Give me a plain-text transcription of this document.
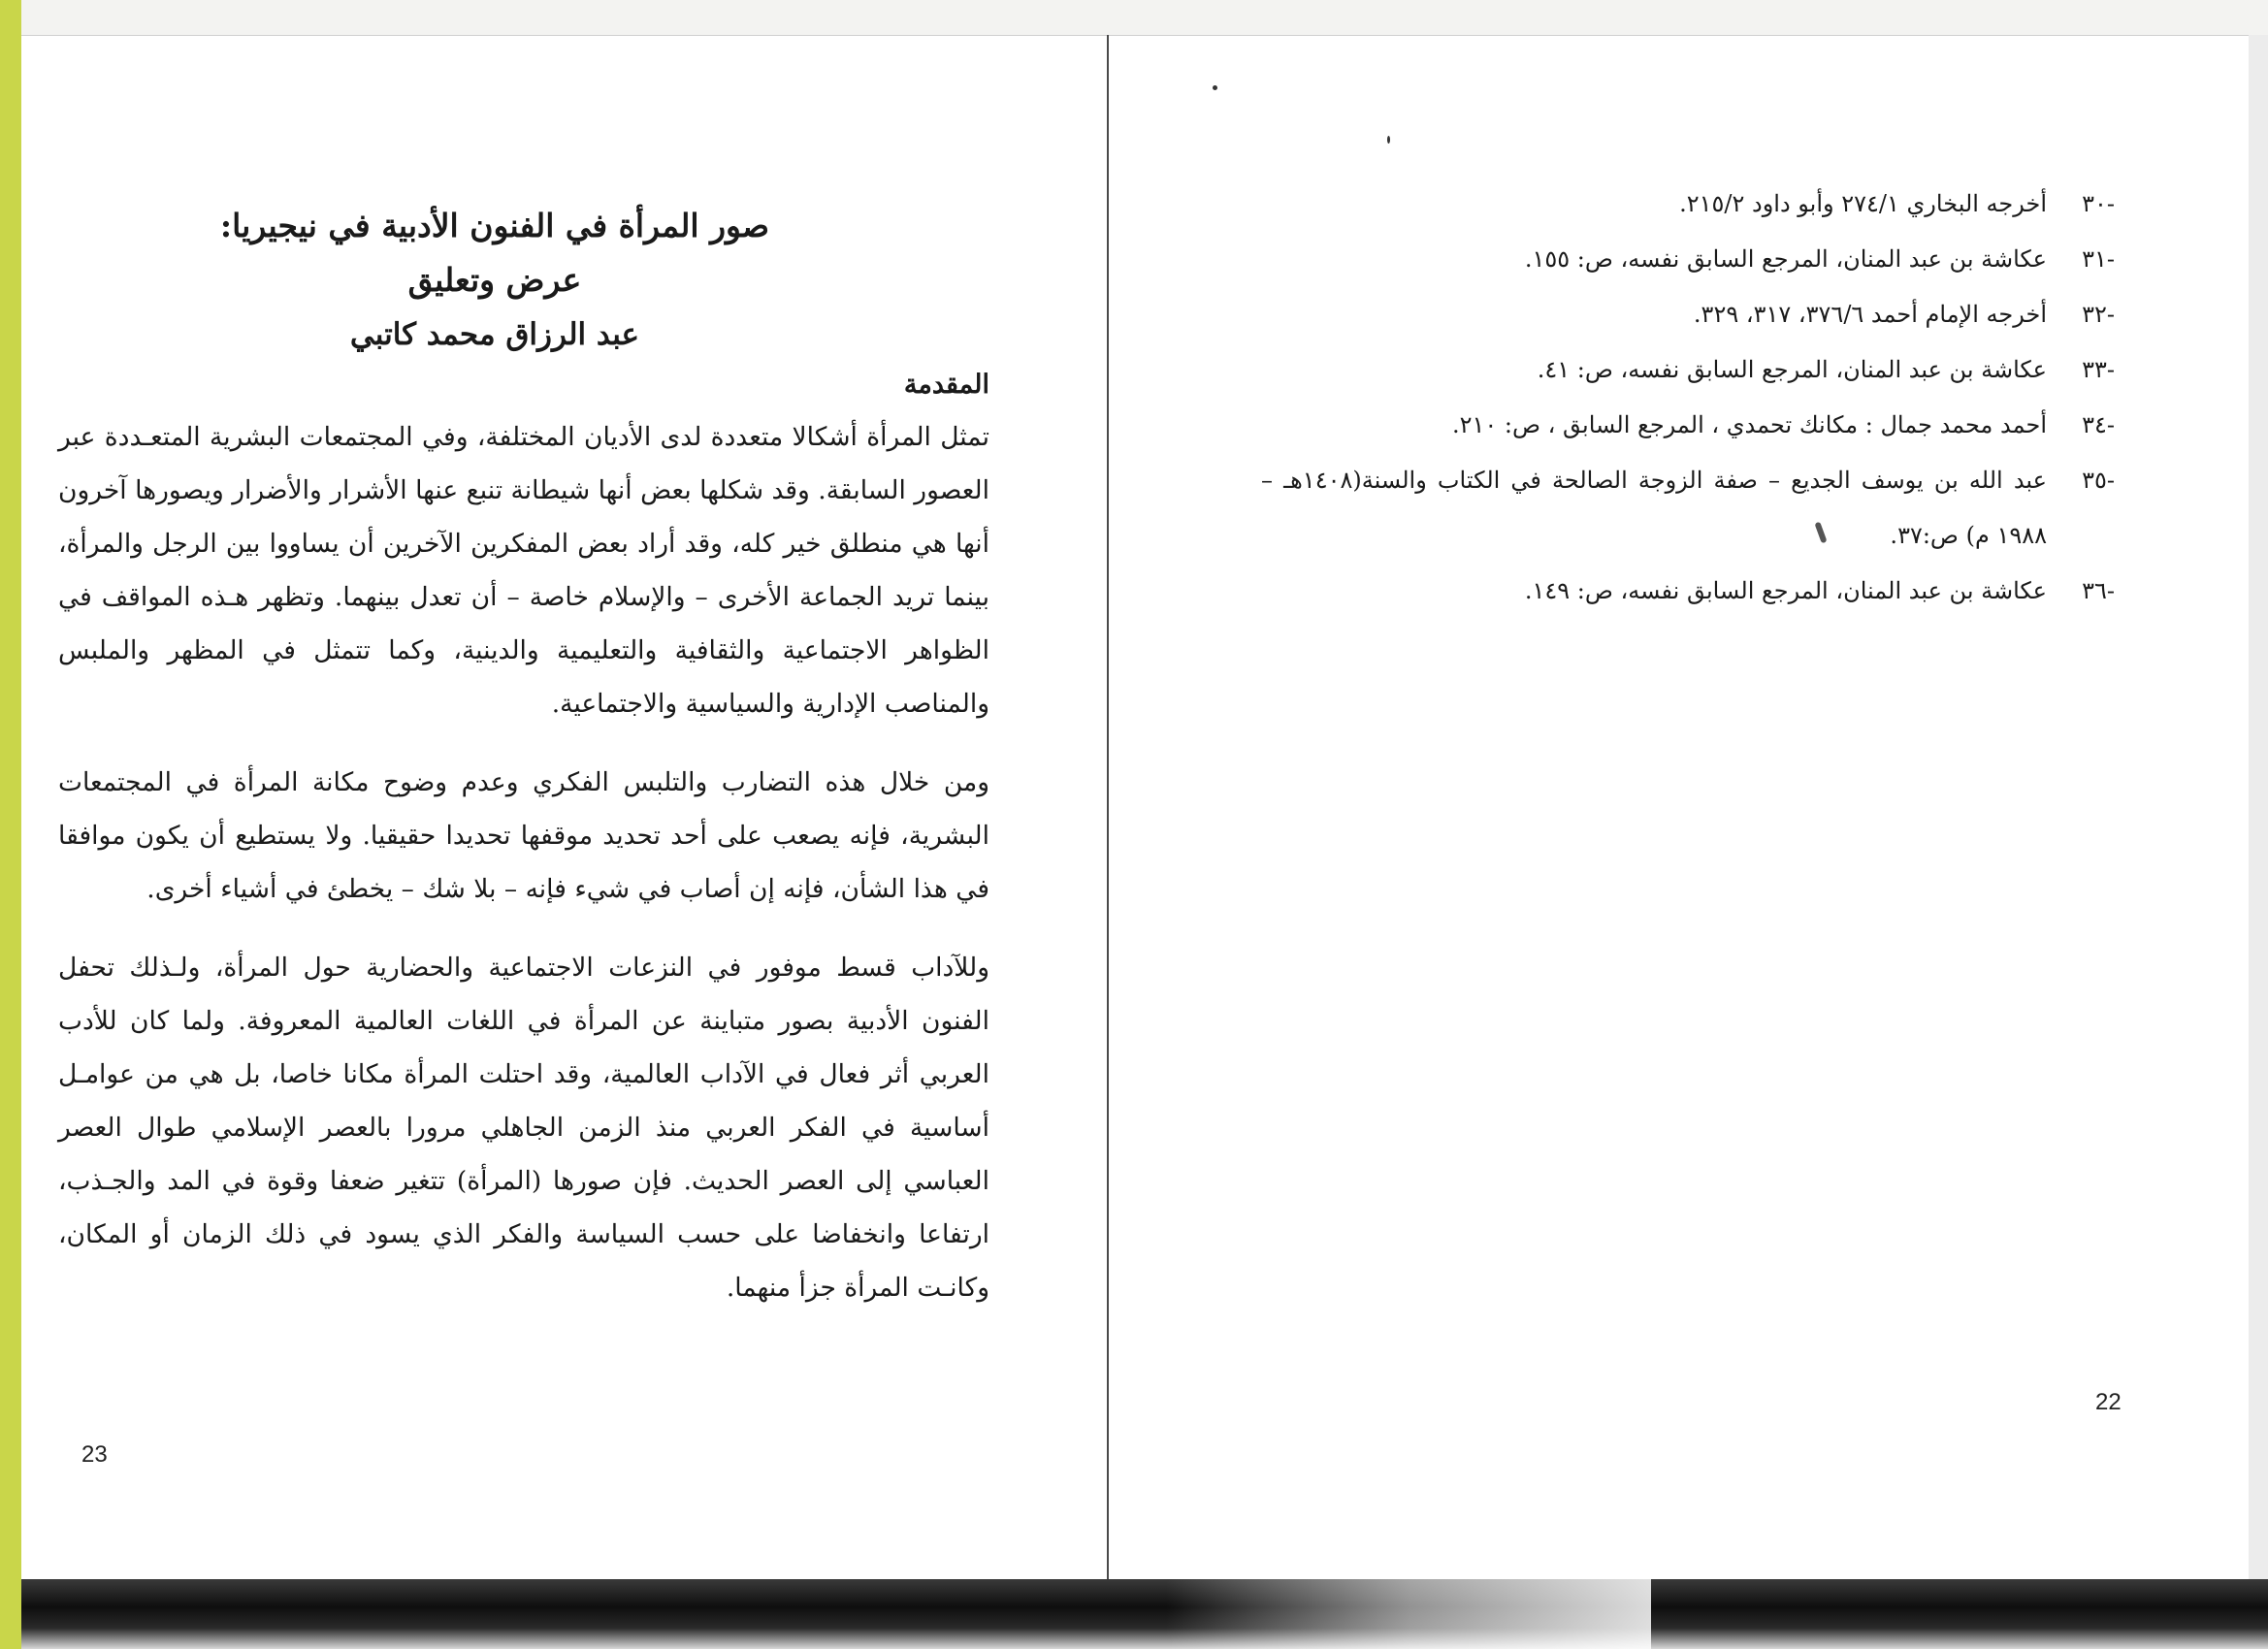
صور المرأة في الفنون الأدبية في نيجيريا:

عرض وتعليق

عبد الرزاق محمد كاتبي

المقدمة

تمثل المرأة أشكالا متعددة لدى الأديان المختلفة، وفي المجتمعات البشرية المتعـددة عبر العصور السابقة. وقد شكلها بعض أنها شيطانة تنبع عنها الأشرار والأضرار ويصورها آخرون أنها هي منطلق خير كله، وقد أراد بعض المفكرين الآخرين أن يساووا بين الرجل والمرأة، بينما تريد الجماعة الأخرى – والإسلام خاصة – أن تعدل بينهما. وتظهر هـذه المواقف في الظواهر الاجتماعية والثقافية والتعليمية والدينية، وكما تتمثل في المظهر والملبس والمناصب الإدارية والسياسية والاجتماعية.

ومن خلال هذه التضارب والتلبس الفكري وعدم وضوح مكانة المرأة في المجتمعات البشرية، فإنه يصعب على أحد تحديد موقفها تحديدا حقيقيا. ولا يستطيع أن يكون موافقا في هذا الشأن، فإنه إن أصاب في شيء فإنه – بلا شك – يخطئ في أشياء أخرى.

وللآداب قسط موفور في النزعات الاجتماعية والحضارية حول المرأة، ولـذلك تحفل الفنون الأدبية بصور متباينة عن المرأة في اللغات العالمية المعروفة. ولما كان للأدب العربي أثر فعال في الآداب العالمية، وقد احتلت المرأة مكانا خاصا، بل هي من عوامـل أساسية في الفكر العربي منذ الزمن الجاهلي مرورا بالعصر الإسلامي طوال العصر العباسي إلى العصر الحديث. فإن صورها (المرأة) تتغير ضعفا وقوة في المد والجـذب، ارتفاعا وانخفاضا على حسب السياسة والفكر الذي يسود في ذلك الزمان أو المكان، وكانـت المرأة جزأ منهما.

23
-٣٠
أخرجه البخاري ٢٧٤/١ وأبو داود ٢١٥/٢.
-٣١
عكاشة بن عبد المنان، المرجع السابق نفسه، ص: ١٥٥.
-٣٢
أخرجه الإمام أحمد ٣٧٦/٦، ٣١٧، ٣٢٩.
-٣٣
عكاشة بن عبد المنان، المرجع السابق نفسه، ص: ٤١.
-٣٤
أحمد محمد جمال : مكانك تحمدي ، المرجع السابق ، ص: ٢١٠.
-٣٥
عبد الله بن يوسف الجديع – صفة الزوجة الصالحة في الكتاب والسنة(١٤٠٨هـ – ١٩٨٨ م) ص:٣٧.
-٣٦
عكاشة بن عبد المنان، المرجع السابق نفسه، ص: ١٤٩.
22
